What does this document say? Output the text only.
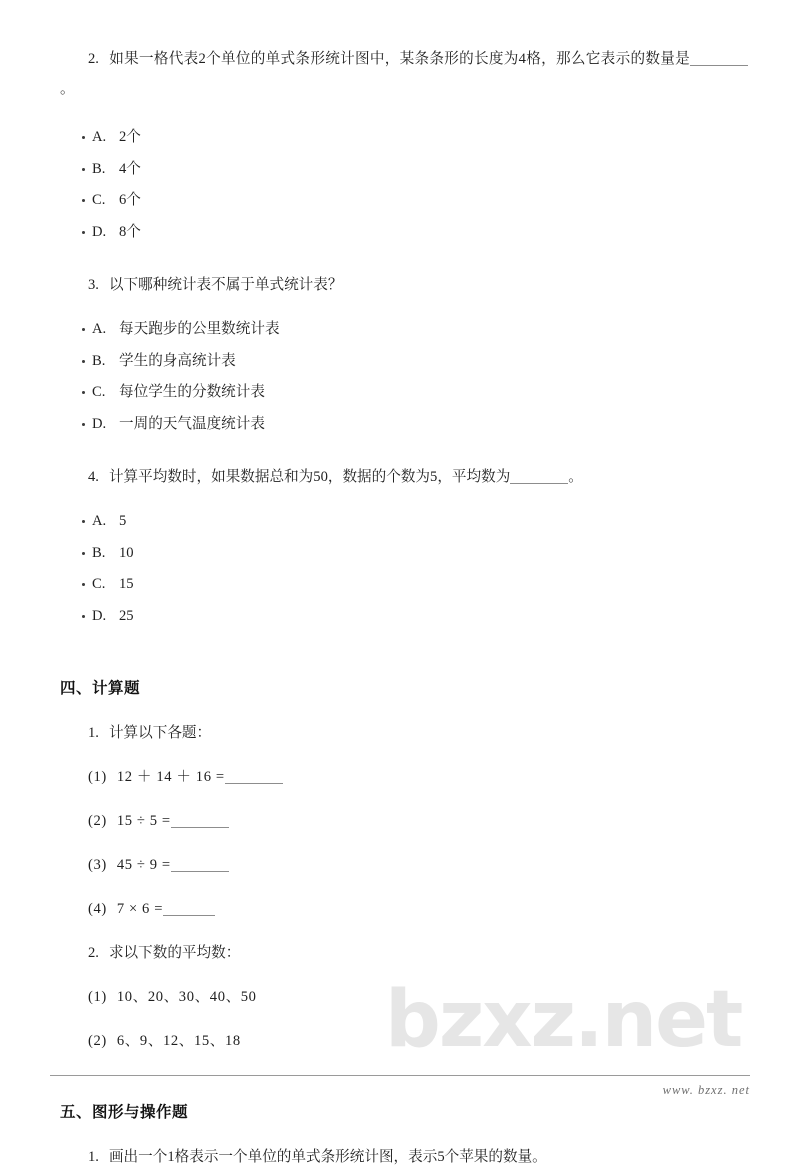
bzxz.net

2. 如果一格代表2个单位的单式条形统计图中，某条条形的长度为4格，那么它表示的数量是。

A. 2个
B. 4个
C. 6个
D. 8个

3. 以下哪种统计表不属于单式统计表？

A. 每天跑步的公里数统计表
B. 学生的身高统计表
C. 每位学生的分数统计表
D. 一周的天气温度统计表

4. 计算平均数时，如果数据总和为50，数据的个数为5，平均数为	。

A. 5
B. 10
C. 15
D. 25
四、计算题

1. 计算以下各题：

(1) 12 ＋ 14 ＋ 16 =

(2) 15 ÷ 5 =

(3) 45 ÷ 9 =

(4) 7 × 6 =

2. 求以下数的平均数：

(1) 10、20、30、40、50

(2) 6、9、12、15、18

五、图形与操作题

1. 画出一个1格表示一个单位的单式条形统计图，表示5个苹果的数量。

www. bzxz. net
